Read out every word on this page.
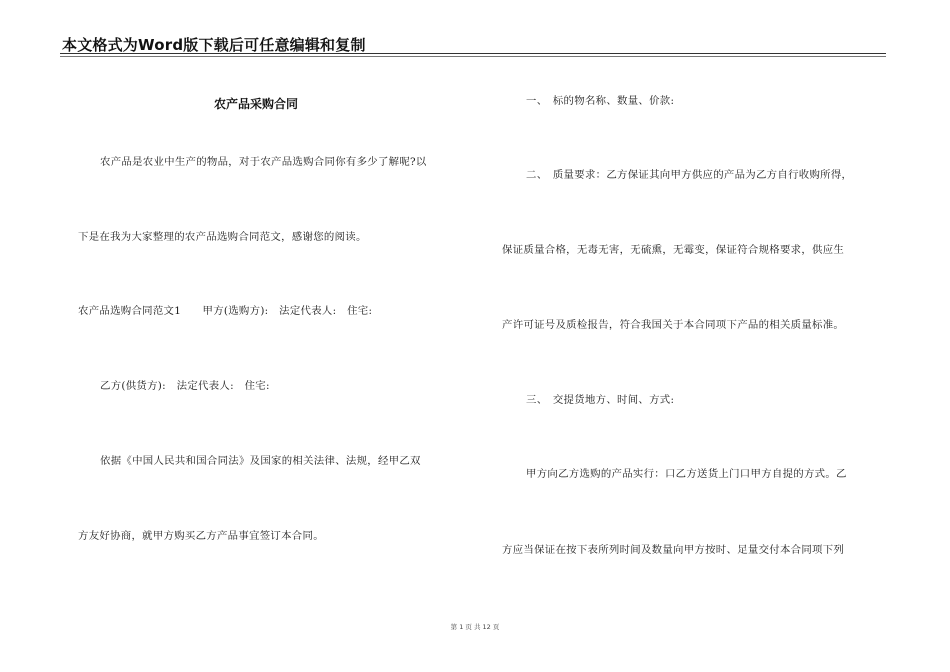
本文格式为Word版下载后可任意编辑和复制
农产品采购合同
农产品是农业中生产的物品，对于农产品选购合同你有多少了解呢?以
下是在我为大家整理的农产品选购合同范文，感谢您的阅读。
农产品选购合同范文1　　甲方(选购方):　法定代表人:　住宅:
乙方(供货方):　法定代表人:　住宅:
依据《中国人民共和国合同法》及国家的相关法律、法规，经甲乙双
方友好协商，就甲方购买乙方产品事宜签订本合同。
一、　标的物名称、数量、价款:
二、　质量要求：乙方保证其向甲方供应的产品为乙方自行收购所得，
保证质量合格，无毒无害，无硫熏，无霉变，保证符合规格要求，供应生
产许可证号及质检报告，符合我国关于本合同项下产品的相关质量标准。
三、　交提货地方、时间、方式:
甲方向乙方选购的产品实行：口乙方送货上门口甲方自提的方式。乙
方应当保证在按下表所列时间及数量向甲方按时、足量交付本合同项下列
第 1 页 共 12 页
